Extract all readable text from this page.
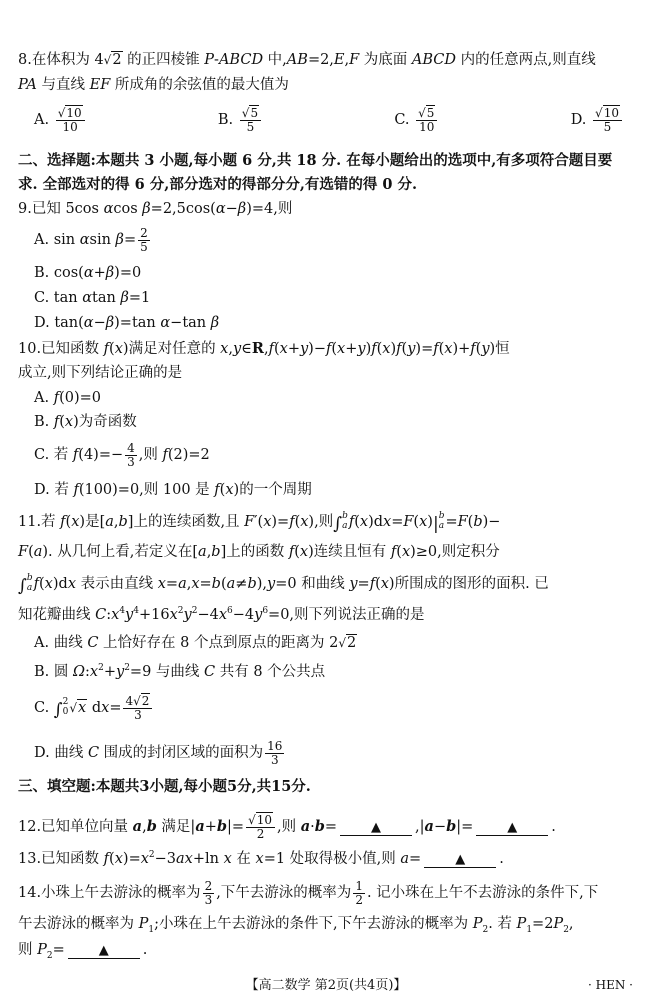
8.在体积为 4√2 的正四棱锥 P-ABCD 中,AB=2,E,F 为底面 ABCD 内的任意两点,则直线
PA 与直线 EF 所成角的余弦值的最大值为
A. $\frac{√10}{10}$	B. $\frac{√5}{5}$	C. $\frac{√5}{10}$	D. $\frac{√10}{5}$
二、选择题:本题共 3 小题,每小题 6 分,共 18 分. 在每小题给出的选项中,有多项符合题目要
求. 全部选对的得 6 分,部分选对的得部分分,有选错的得 0 分.
9.已知 5cos αcos β=2,5cos(α−β)=4,则
A. sin αsin $\beta= \frac{2}{5}$
B. cos(α+β)=0
C. tan αtan β=1
D. tan(α−β)=tan α−tan β
10.已知函数 f(x)满足对任意的 x,y∈R,f(x+y)−f(x+y)f(x)f(y)=f(x)+f(y)恒
成立,则下列结论正确的是
A. f(0)=0
B. f(x)为奇函数
C. 若 $f(4)=- \frac{4}{3}$ ,则 f(2)=2
D. 若 f(100)=0,则 100 是 f(x)的一个周期
11.若 f(x)是[a,b]上的连续函数,且 F′(x)=f(x),则∫ b
a f(x)dx=F(x)| b
a =F(b)−
F(a). 从几何上看,若定义在[a,b]上的函数 f(x)连续且恒有 f(x)≥0,则定积分
∫ b
a f(x)dx 表示由直线 x=a,x=b(a≠b),y=0 和曲线 y=f(x)所围成的图形的面积. 已
知花瓣曲线 $C:x^4y^4+16x^2y^2-4x^6-4y^6=0$,则下列说法正确的是
A. 曲线 C 上恰好存在 8 个点到原点的距离为 2√2
B. 圆 $\Omega:x^2+y^2=9$ 与曲线 C 共有 8 个公共点
C. ∫ 2
0 √x $dx= \frac{4√2}{3}$
D. 曲线 C 围成的封闭区域的面积为 $\frac{16}{3}$
三、填空题:本题共3小题,每小题5分,共15分.
12.已知单位向量 a,b 满足$|a+b|= \frac{√10}{2}$ ,则 a·b=	▲ ,|a−b|=	▲ .
13.已知函数 $f(x)=x^2-3ax+\ln$ x 在 x=1 处取得极小值,则 a=	▲ .
14.小珠上午去游泳的概率为 $\frac{2}{3}$ ,下午去游泳的概率为 $\frac{1}{2}$ . 记小珠在上午不去游泳的条件下,下
午去游泳的概率为 $P_1$;小珠在上午去游泳的条件下,下午去游泳的概率为 $P_2$. 若 $P_1=2P_2$,
则 $P_2=$	▲ .
【高二数学 第2页(共4页)】	· HEN ·
